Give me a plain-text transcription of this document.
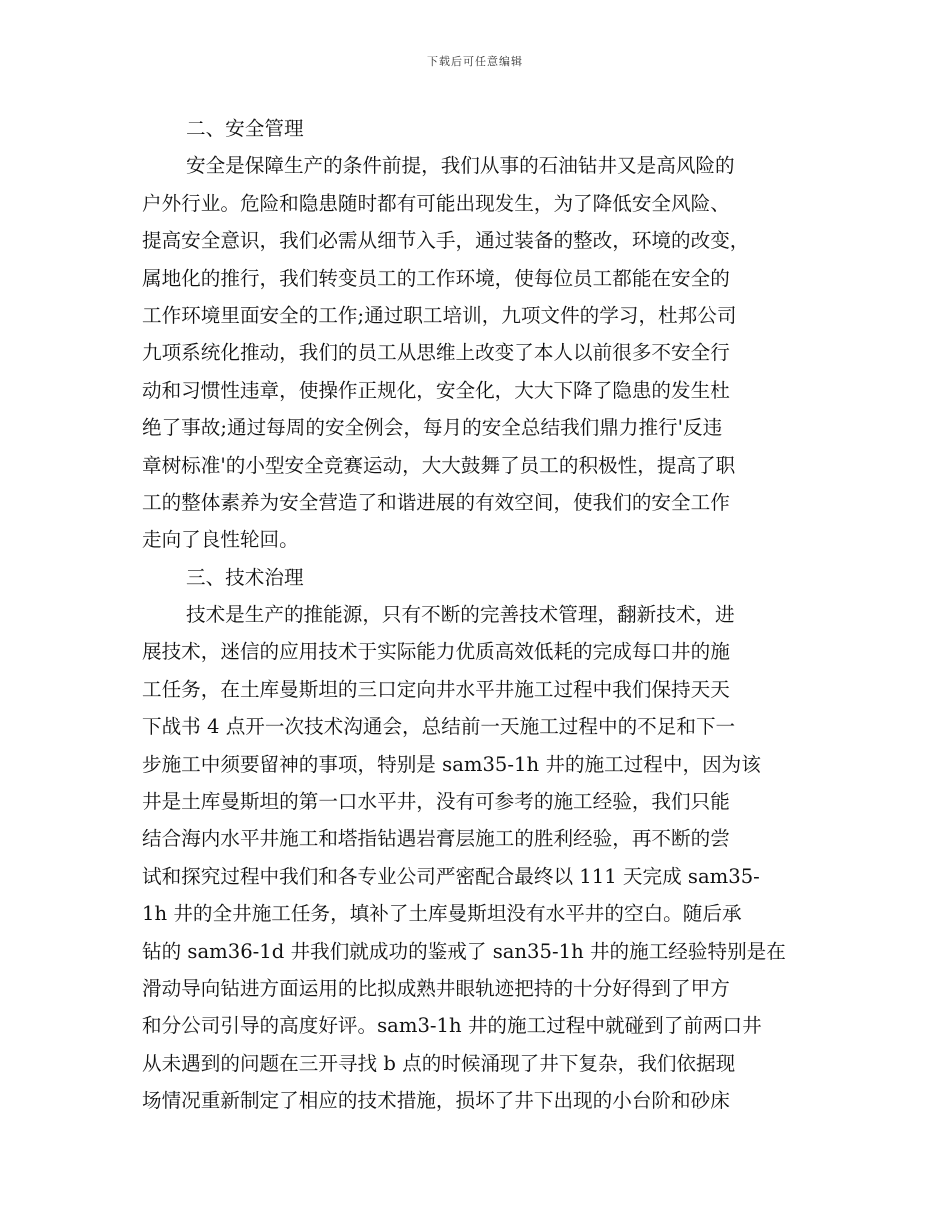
下载后可任意编辑
二、安全管理
安全是保障生产的条件前提，我们从事的石油钻井又是高风险的
户外行业。危险和隐患随时都有可能出现发生，为了降低安全风险、
提高安全意识，我们必需从细节入手，通过装备的整改，环境的改变，
属地化的推行，我们转变员工的工作环境，使每位员工都能在安全的
工作环境里面安全的工作;通过职工培训，九项文件的学习，杜邦公司
九项系统化推动，我们的员工从思维上改变了本人以前很多不安全行
动和习惯性违章，使操作正规化，安全化，大大下降了隐患的发生杜
绝了事故;通过每周的安全例会，每月的安全总结我们鼎力推行'反违
章树标准'的小型安全竞赛运动，大大鼓舞了员工的积极性，提高了职
工的整体素养为安全营造了和谐进展的有效空间，使我们的安全工作
走向了良性轮回。
三、技术治理
技术是生产的推能源，只有不断的完善技术管理，翻新技术，进
展技术，迷信的应用技术于实际能力优质高效低耗的完成每口井的施
工任务，在土库曼斯坦的三口定向井水平井施工过程中我们保持天天
下战书 4 点开一次技术沟通会，总结前一天施工过程中的不足和下一
步施工中须要留神的事项，特别是 sam35-1h 井的施工过程中，因为该
井是土库曼斯坦的第一口水平井，没有可参考的施工经验，我们只能
结合海内水平井施工和塔指钻遇岩膏层施工的胜利经验，再不断的尝
试和探究过程中我们和各专业公司严密配合最终以 111 天完成 sam35-
1h 井的全井施工任务，填补了土库曼斯坦没有水平井的空白。随后承
钻的 sam36-1d 井我们就成功的鉴戒了 san35-1h 井的施工经验特别是在
滑动导向钻进方面运用的比拟成熟井眼轨迹把持的十分好得到了甲方
和分公司引导的高度好评。sam3-1h 井的施工过程中就碰到了前两口井
从未遇到的问题在三开寻找 b 点的时候涌现了井下复杂，我们依据现
场情况重新制定了相应的技术措施，损坏了井下出现的小台阶和砂床
